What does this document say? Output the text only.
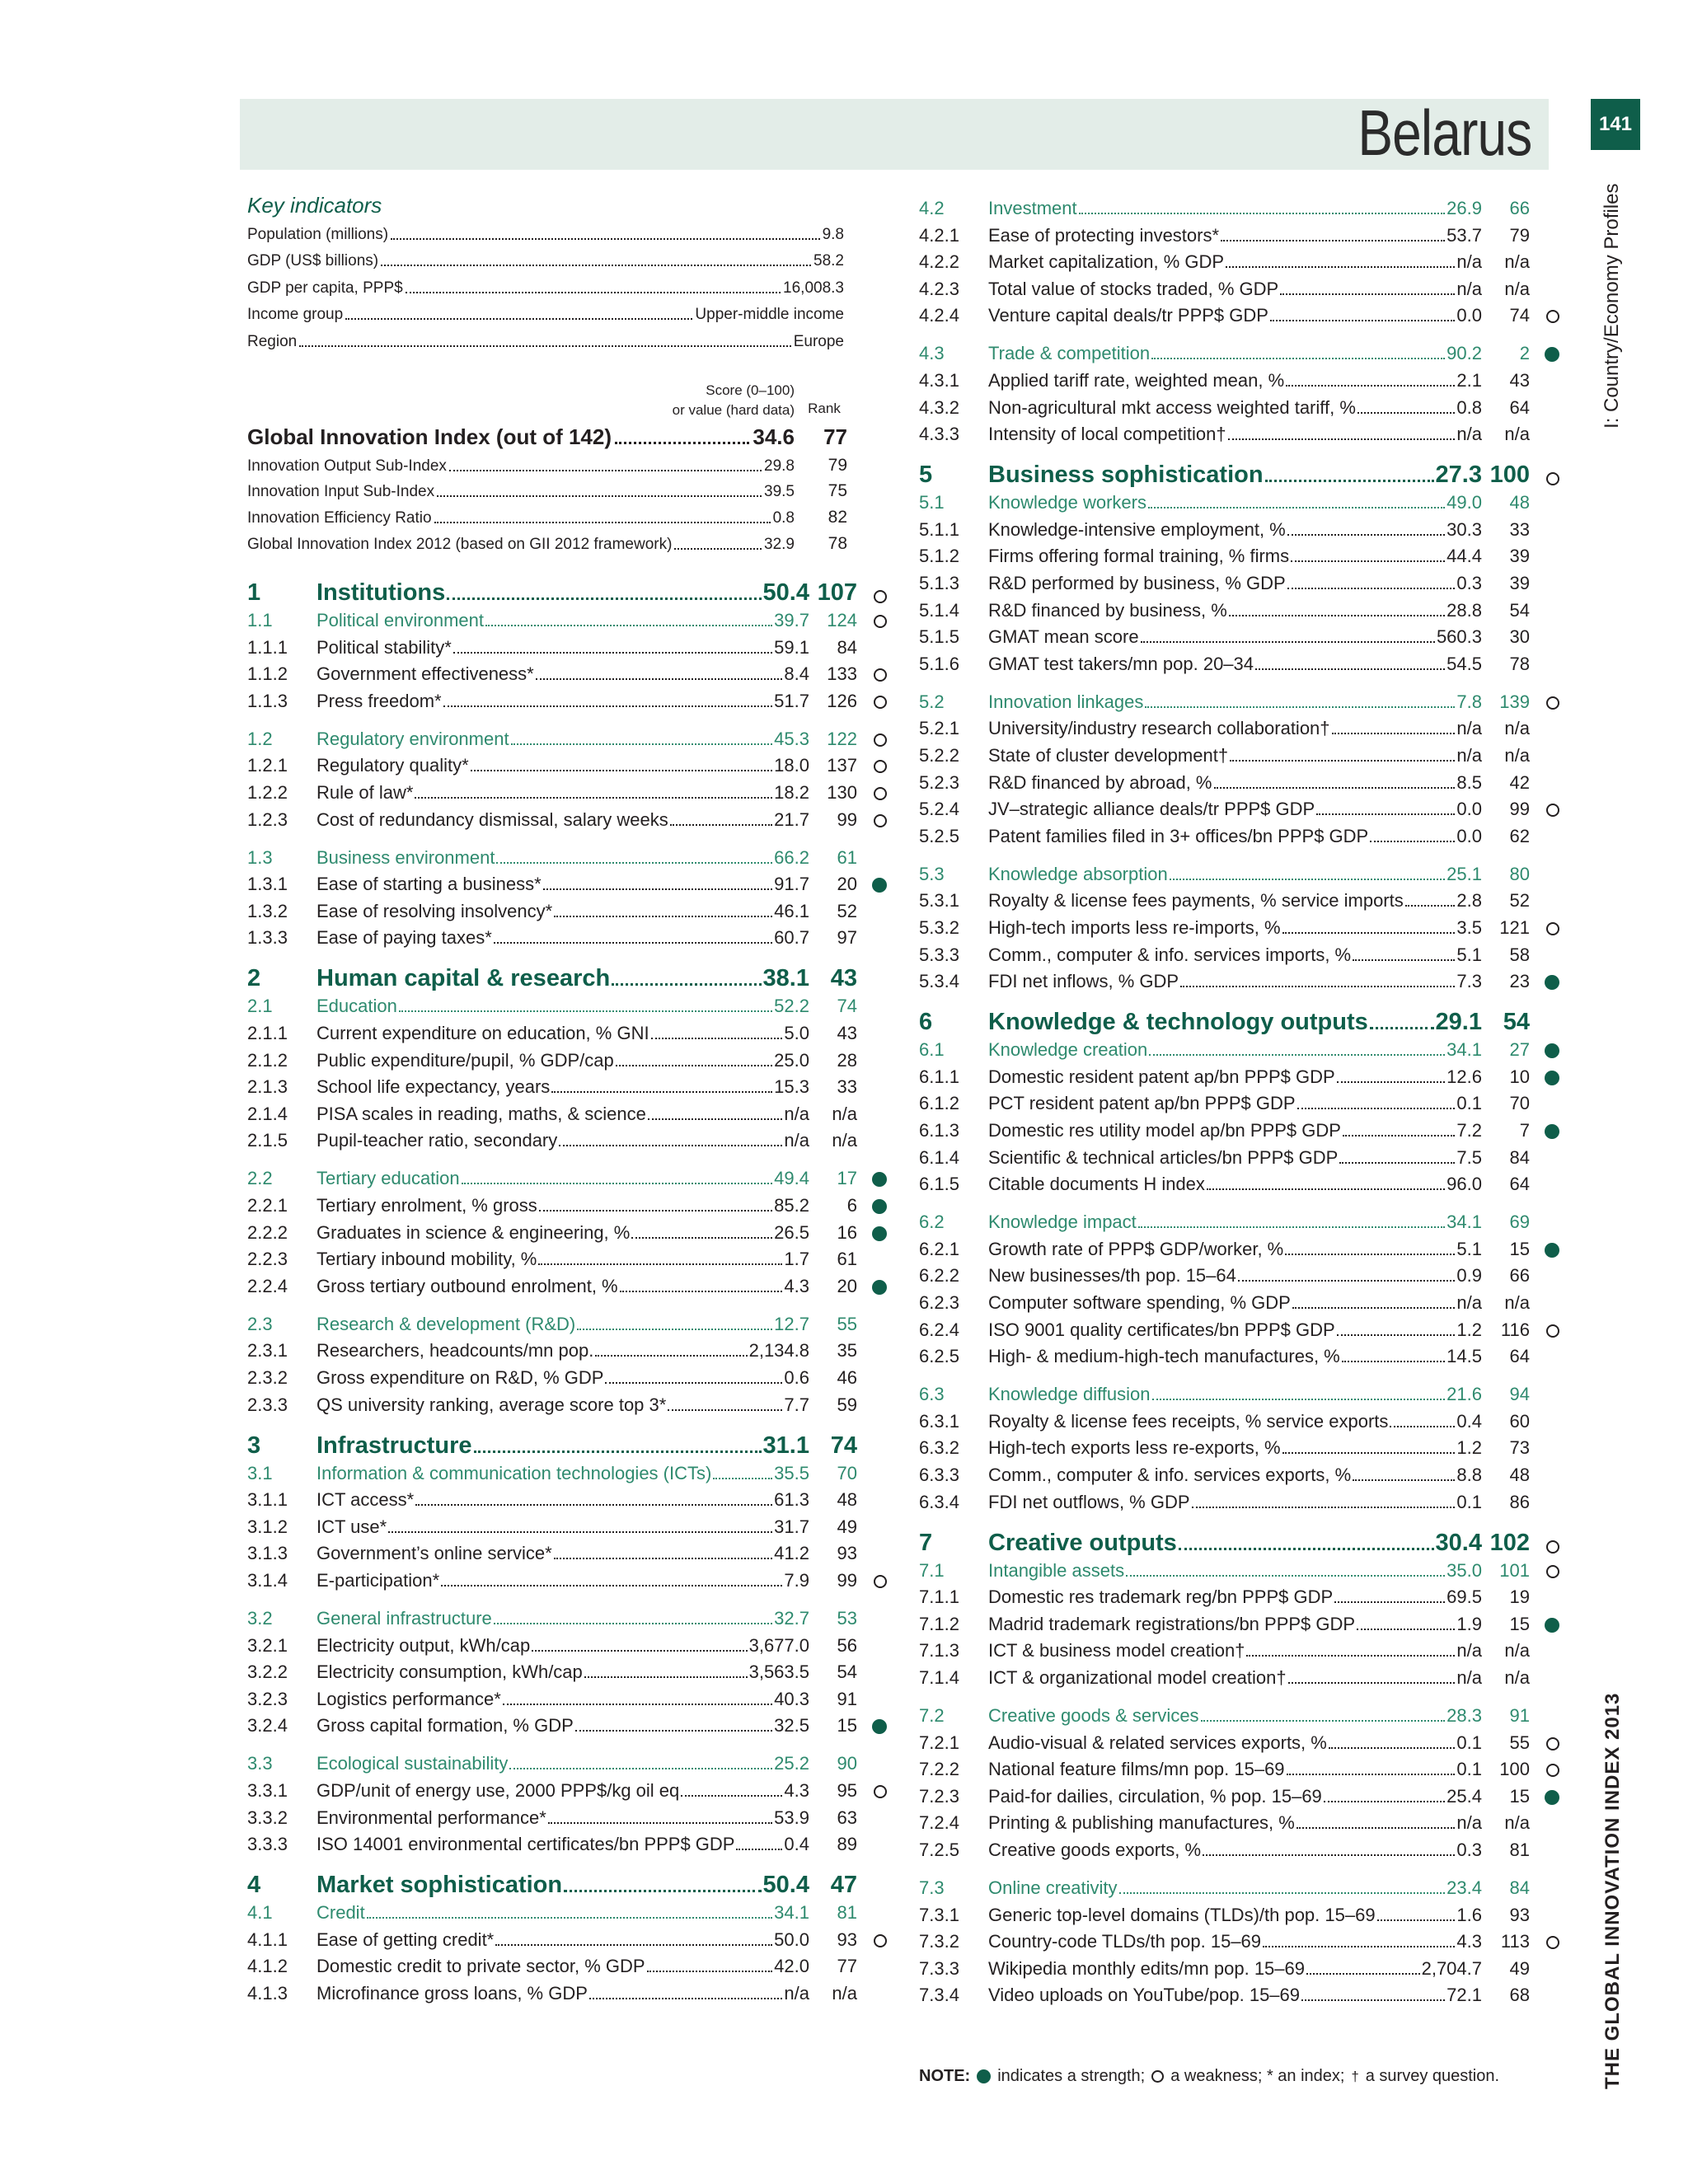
Belarus	141
I: Country/Economy Profiles
THE GLOBAL INNOVATION INDEX 2013
Key indicators
Population (millions)	9.8
GDP (US$ billions)	58.2
GDP per capita, PPP$	16,008.3
Income group	Upper-middle income
Region	Europe
Score (0–100)
or value (hard data) Rank
Global Innovation Index (out of 142)	34.6	77
Innovation Output Sub-Index	29.8	79
Innovation Input Sub-Index	39.5	75
Innovation Efficiency Ratio	0.8	82
Global Innovation Index 2012 (based on GII 2012 framework)	32.9	78
1	Institutions	50.4 107
1.1	Political environment	39.7 124
1.1.1	Political stability*	59.1	84
1.1.2	Government effectiveness*	8.4 133
1.1.3	Press freedom*	51.7 126
1.2	Regulatory environment	45.3 122
1.2.1	Regulatory quality*	18.0 137
1.2.2	Rule of law*	18.2 130
1.2.3	Cost of redundancy dismissal, salary weeks	21.7	99
1.3	Business environment	66.2	61
1.3.1	Ease of starting a business*	91.7	20
1.3.2	Ease of resolving insolvency*	46.1	52
1.3.3	Ease of paying taxes*	60.7	97
2	Human capital & research	38.1 43
2.1	Education	52.2	74
2.1.1	Current expenditure on education, % GNI	5.0	43
2.1.2	Public expenditure/pupil, % GDP/cap	25.0	28
2.1.3	School life expectancy, years	15.3	33
2.1.4	PISA scales in reading, maths, & science	n/a	n/a
2.1.5	Pupil-teacher ratio, secondary	n/a	n/a
2.2	Tertiary education	49.4	17
2.2.1	Tertiary enrolment, % gross	85.2	6
2.2.2	Graduates in science & engineering, %	26.5	16
2.2.3	Tertiary inbound mobility, %	1.7	61
2.2.4	Gross tertiary outbound enrolment, %	4.3	20
2.3	Research & development (R&D)	12.7	55
2.3.1	Researchers, headcounts/mn pop.	2,134.8	35
2.3.2	Gross expenditure on R&D, % GDP	0.6	46
2.3.3	QS university ranking, average score top 3*	7.7	59
3	Infrastructure	31.1 74
3.1	Information & communication technologies (ICTs)	35.5	70
3.1.1	ICT access*	61.3	48
3.1.2	ICT use*	31.7	49
3.1.3	Government’s online service*	41.2	93
3.1.4	E-participation*	7.9	99
3.2	General infrastructure	32.7	53
3.2.1	Electricity output, kWh/cap	3,677.0	56
3.2.2	Electricity consumption, kWh/cap	3,563.5	54
3.2.3	Logistics performance*	40.3	91
3.2.4	Gross capital formation, % GDP	32.5	15
3.3	Ecological sustainability	25.2	90
3.3.1	GDP/unit of energy use, 2000 PPP$/kg oil eq	4.3	95
3.3.2	Environmental performance*	53.9	63
3.3.3	ISO 14001 environmental certificates/bn PPP$ GDP	0.4	89
4	Market sophistication	50.4 47
4.1	Credit	34.1	81
4.1.1	Ease of getting credit*	50.0	93
4.1.2	Domestic credit to private sector, % GDP	42.0	77
4.1.3	Microfinance gross loans, % GDP	n/a	n/a
4.2	Investment	26.9	66
4.2.1	Ease of protecting investors*	53.7	79
4.2.2	Market capitalization, % GDP	n/a	n/a
4.2.3	Total value of stocks traded, % GDP	n/a	n/a
4.2.4	Venture capital deals/tr PPP$ GDP	0.0	74
4.3	Trade & competition	90.2	2
4.3.1	Applied tariff rate, weighted mean, %	2.1	43
4.3.2	Non-agricultural mkt access weighted tariff, %	0.8	64
4.3.3	Intensity of local competition†	n/a	n/a
5	Business sophistication	27.3 100
5.1	Knowledge workers	49.0	48
5.1.1	Knowledge-intensive employment, %	30.3	33
5.1.2	Firms offering formal training, % firms	44.4	39
5.1.3	R&D performed by business, % GDP	0.3	39
5.1.4	R&D financed by business, %	28.8	54
5.1.5	GMAT mean score	560.3	30
5.1.6	GMAT test takers/mn pop. 20–34	54.5	78
5.2	Innovation linkages	7.8 139
5.2.1	University/industry research collaboration†	n/a	n/a
5.2.2	State of cluster development†	n/a	n/a
5.2.3	R&D financed by abroad, %	8.5	42
5.2.4	JV–strategic alliance deals/tr PPP$ GDP	0.0	99
5.2.5	Patent families filed in 3+ offices/bn PPP$ GDP	0.0	62
5.3	Knowledge absorption	25.1	80
5.3.1	Royalty & license fees payments, % service imports	2.8	52
5.3.2	High-tech imports less re-imports, %	3.5 121
5.3.3	Comm., computer & info. services imports, %	5.1	58
5.3.4	FDI net inflows, % GDP	7.3	23
6	Knowledge & technology outputs	29.1 54
6.1	Knowledge creation	34.1	27
6.1.1	Domestic resident patent ap/bn PPP$ GDP	12.6	10
6.1.2	PCT resident patent ap/bn PPP$ GDP	0.1	70
6.1.3	Domestic res utility model ap/bn PPP$ GDP	7.2	7
6.1.4	Scientific & technical articles/bn PPP$ GDP	7.5	84
6.1.5	Citable documents H index	96.0	64
6.2	Knowledge impact	34.1	69
6.2.1	Growth rate of PPP$ GDP/worker, %	5.1	15
6.2.2	New businesses/th pop. 15–64	0.9	66
6.2.3	Computer software spending, % GDP	n/a	n/a
6.2.4	ISO 9001 quality certificates/bn PPP$ GDP	1.2	116
6.2.5	High- & medium-high-tech manufactures, %	14.5	64
6.3	Knowledge diffusion	21.6	94
6.3.1	Royalty & license fees receipts, % service exports	0.4	60
6.3.2	High-tech exports less re-exports, %	1.2	73
6.3.3	Comm., computer & info. services exports, %	8.8	48
6.3.4	FDI net outflows, % GDP	0.1	86
7	Creative outputs	30.4 102
7.1	Intangible assets	35.0 101
7.1.1	Domestic res trademark reg/bn PPP$ GDP	69.5	19
7.1.2	Madrid trademark registrations/bn PPP$ GDP	1.9	15
7.1.3	ICT & business model creation†	n/a	n/a
7.1.4	ICT & organizational model creation†	n/a	n/a
7.2	Creative goods & services	28.3	91
7.2.1	Audio-visual & related services exports, %	0.1	55
7.2.2	National feature films/mn pop. 15–69	0.1 100
7.2.3	Paid-for dailies, circulation, % pop. 15–69	25.4	15
7.2.4	Printing & publishing manufactures, %	n/a	n/a
7.2.5	Creative goods exports, %	0.3	81
7.3	Online creativity	23.4	84
7.3.1	Generic top-level domains (TLDs)/th pop. 15–69	1.6	93
7.3.2	Country-code TLDs/th pop. 15–69	4.3	113
7.3.3	Wikipedia monthly edits/mn pop. 15–69	2,704.7	49
7.3.4	Video uploads on YouTube/pop. 15–69	72.1	68
NOTE: indicates a strength; a weakness; * an index; † a survey question.
